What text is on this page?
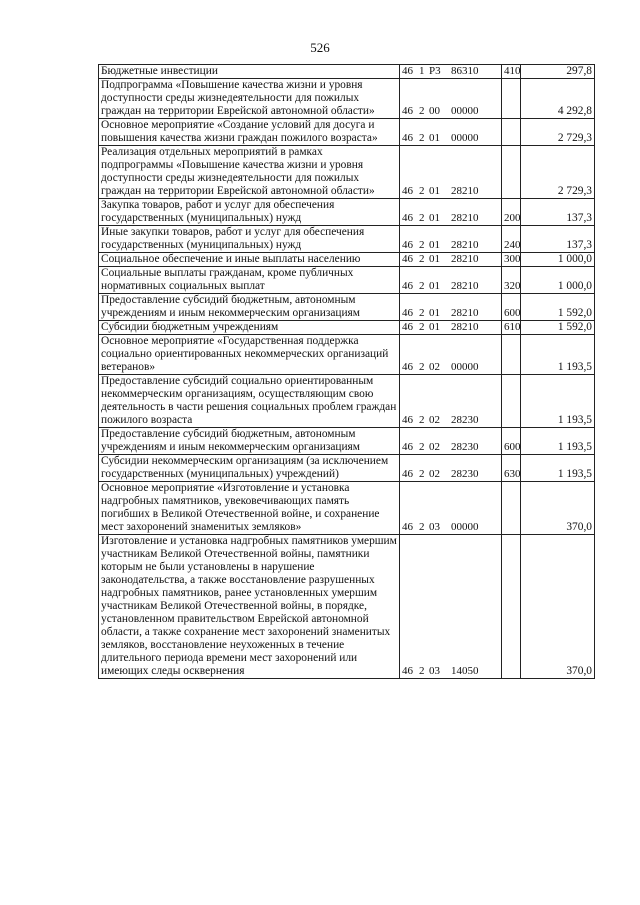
526
Бюджетные инвестиции	46 1 Р3 86310	410	297,8
Подпрограмма «Повышение качества жизни и уровня доступности среды жизнедеятельности для пожилых граждан на территории Еврейской автономной области»	46 2 00 00000		4 292,8
Основное мероприятие «Создание условий для досуга и повышения качества жизни граждан пожилого возраста»	46 2 01 00000		2 729,3
Реализация отдельных мероприятий в рамках подпрограммы «Повышение качества жизни и уровня доступности среды жизнедеятельности для пожилых граждан на территории Еврейской автономной области»	46 2 01 28210		2 729,3
Закупка товаров, работ и услуг для обеспечения государственных (муниципальных) нужд	46 2 01 28210	200	137,3
Иные закупки товаров, работ и услуг для обеспечения государственных (муниципальных) нужд	46 2 01 28210	240	137,3
Социальное обеспечение и иные выплаты населению	46 2 01 28210	300	1 000,0
Социальные выплаты гражданам, кроме публичных нормативных социальных выплат	46 2 01 28210	320	1 000,0
Предоставление субсидий бюджетным, автономным учреждениям и иным некоммерческим организациям	46 2 01 28210	600	1 592,0
Субсидии бюджетным учреждениям	46 2 01 28210	610	1 592,0
Основное мероприятие «Государственная поддержка социально ориентированных некоммерческих организаций ветеранов»	46 2 02 00000		1 193,5
Предоставление субсидий социально ориентированным некоммерческим организациям, осуществляющим свою деятельность в части решения социальных проблем граждан пожилого возраста	46 2 02 28230		1 193,5
Предоставление субсидий бюджетным, автономным учреждениям и иным некоммерческим организациям	46 2 02 28230	600	1 193,5
Субсидии некоммерческим организациям (за исключением государственных (муниципальных) учреждений)	46 2 02 28230	630	1 193,5
Основное мероприятие «Изготовление и установка надгробных памятников, увековечивающих память погибших в Великой Отечественной войне, и сохранение мест захоронений знаменитых земляков»	46 2 03 00000		370,0
Изготовление и установка надгробных памятников умершим участникам Великой Отечественной войны, памятники которым не были установлены в нарушение законодательства, а также восстановление разрушенных надгробных памятников, ранее установленных умершим участникам Великой Отечественной войны, в порядке, установленном правительством Еврейской автономной области, а также сохранение мест захоронений знаменитых земляков, восстановление неухоженных в течение длительного периода времени мест захоронений или имеющих следы осквернения	46 2 03 14050		370,0
